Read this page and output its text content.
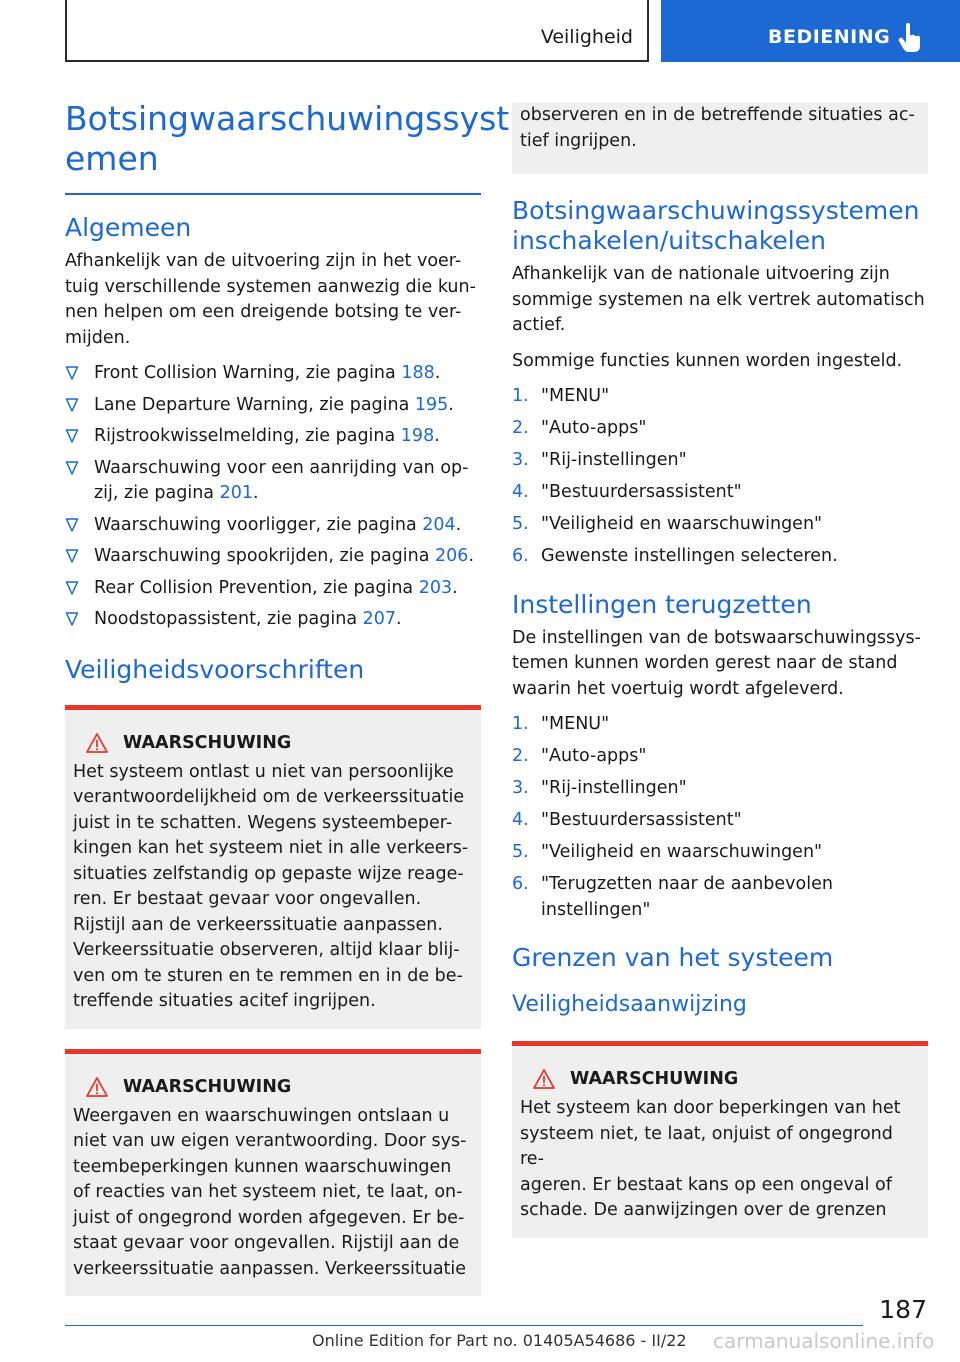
Veiligheid	BEDIENING
Botsingwaarschuwingssyst
emen
Algemeen

Afhankelijk van de uitvoering zijn in het voer-
tuig verschillende systemen aanwezig die kun-
nen helpen om een dreigende botsing te ver-
mijden.

Front Collision Warning, zie pagina 188.
Lane Departure Warning, zie pagina 195.
Rijstrookwisselmelding, zie pagina 198.
Waarschuwing voor een aanrijding van op-
zij, zie pagina 201.
Waarschuwing voorligger, zie pagina 204.
Waarschuwing spookrijden, zie pagina 206.
Rear Collision Prevention, zie pagina 203.
Noodstopassistent, zie pagina 207.
Veiligheidsvoorschriften
WAARSCHUWING

Het systeem ontlast u niet van persoonlijke
verantwoordelijkheid om de verkeerssituatie
juist in te schatten. Wegens systeembeper-
kingen kan het systeem niet in alle verkeers-
situaties zelfstandig op gepaste wijze reage-
ren. Er bestaat gevaar voor ongevallen.
Rijstijl aan de verkeerssituatie aanpassen.
Verkeerssituatie observeren, altijd klaar blij-
ven om te sturen en te remmen en in de be-
treffende situaties acitef ingrijpen.

WAARSCHUWING

Weergaven en waarschuwingen ontslaan u
niet van uw eigen verantwoording. Door sys-
teembeperkingen kunnen waarschuwingen
of reacties van het systeem niet, te laat, on-
juist of ongegrond worden afgegeven. Er be-
staat gevaar voor ongevallen. Rijstijl aan de
verkeerssituatie aanpassen. Verkeerssituatie

observeren en in de betreffende situaties ac-
tief ingrijpen.

Botsingwaarschuwingssystemen
inschakelen/uitschakelen

Afhankelijk van de nationale uitvoering zijn
sommige systemen na elk vertrek automatisch
actief.

Sommige functies kunnen worden ingesteld.

1. "MENU"
2. "Auto-apps"
3. "Rij-instellingen"
4. "Bestuurdersassistent"
5. "Veiligheid en waarschuwingen"
6. Gewenste instellingen selecteren.
Instellingen terugzetten

De instellingen van de botswaarschuwingssys-
temen kunnen worden gerest naar de stand
waarin het voertuig wordt afgeleverd.

1. "MENU"
2. "Auto-apps"
3. "Rij-instellingen"
4. "Bestuurdersassistent"
5. "Veiligheid en waarschuwingen"
6. "Terugzetten naar de aanbevolen
instellingen"
Grenzen van het systeem
Veiligheidsaanwijzing
WAARSCHUWING

Het systeem kan door beperkingen van het
systeem niet, te laat, onjuist of ongegrond re-
ageren. Er bestaat kans op een ongeval of
schade. De aanwijzingen over de grenzen

187
Online Edition for Part no. 01405A54686 - II/22 carmanualsonline.info
